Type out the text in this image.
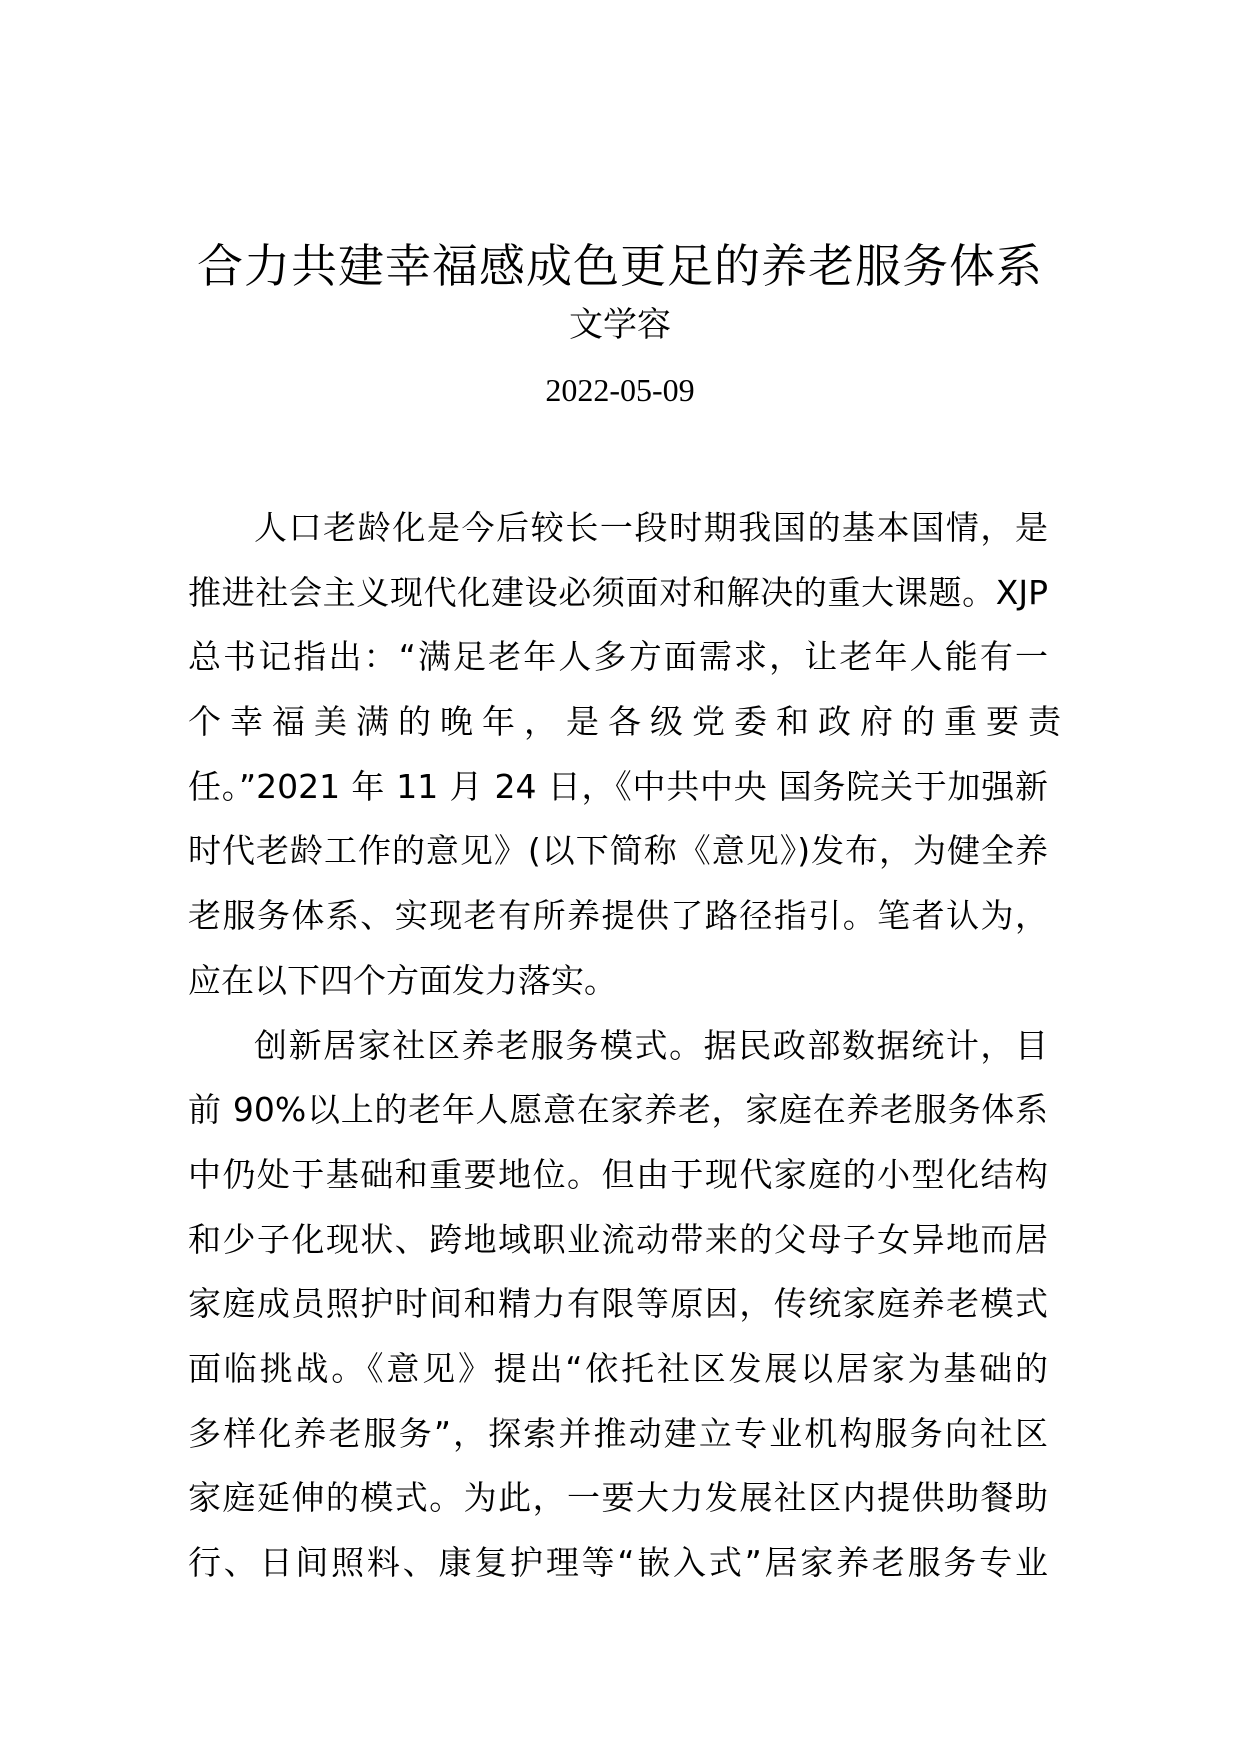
合力共建幸福感成色更足的养老服务体系
文学容
2022-05-09
人口老龄化是今后较长一段时期我国的基本国情，是
推进社会主义现代化建设必须面对和解决的重大课题。XJP
总书记指出：“满足老年人多方面需求，让老年人能有一
个幸福美满的晚年，是各级党委和政府的重要责
任。”2021 年 11 月 24 日，《中共中央 国务院关于加强新
时代老龄工作的意见》(以下简称《意见》)发布，为健全养
老服务体系、实现老有所养提供了路径指引。笔者认为，
应在以下四个方面发力落实。
创新居家社区养老服务模式。据民政部数据统计，目
前 90%以上的老年人愿意在家养老，家庭在养老服务体系
中仍处于基础和重要地位。但由于现代家庭的小型化结构
和少子化现状、跨地域职业流动带来的父母子女异地而居
家庭成员照护时间和精力有限等原因，传统家庭养老模式
面临挑战。《意见》提出“依托社区发展以居家为基础的
多样化养老服务”，探索并推动建立专业机构服务向社区
家庭延伸的模式。为此，一要大力发展社区内提供助餐助
行、日间照料、康复护理等“嵌入式”居家养老服务专业
